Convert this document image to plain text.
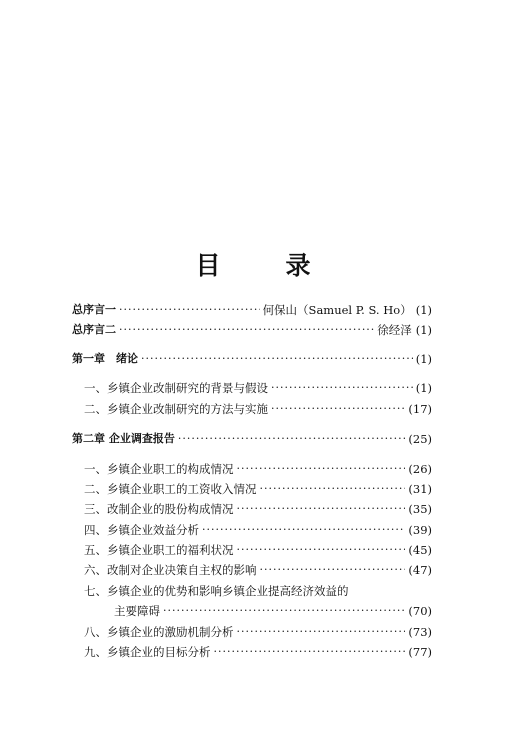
目　录
总序言一 ·····	何保山（Samuel P. S. Ho） (1)
总序言二 ·····	徐经泽 (1)
第一章　绪论 ·····	(1)
一、乡镇企业改制研究的背景与假设 ·····	(1)
二、乡镇企业改制研究的方法与实施 ·····	(17)
第二章 企业调查报告 ·····	(25)
一、乡镇企业职工的构成情况 ·····	(26)
二、乡镇企业职工的工资收入情况 ·····	(31)
三、改制企业的股份构成情况 ·····	(35)
四、乡镇企业效益分析 ·····	(39)
五、乡镇企业职工的福利状况 ·····	(45)
六、改制对企业决策自主权的影响 ·····	(47)
七、乡镇企业的优势和影响乡镇企业提高经济效益的
主要障碍 ·····	(70)
八、乡镇企业的激励机制分析 ·····	(73)
九、乡镇企业的目标分析 ·····	(77)
